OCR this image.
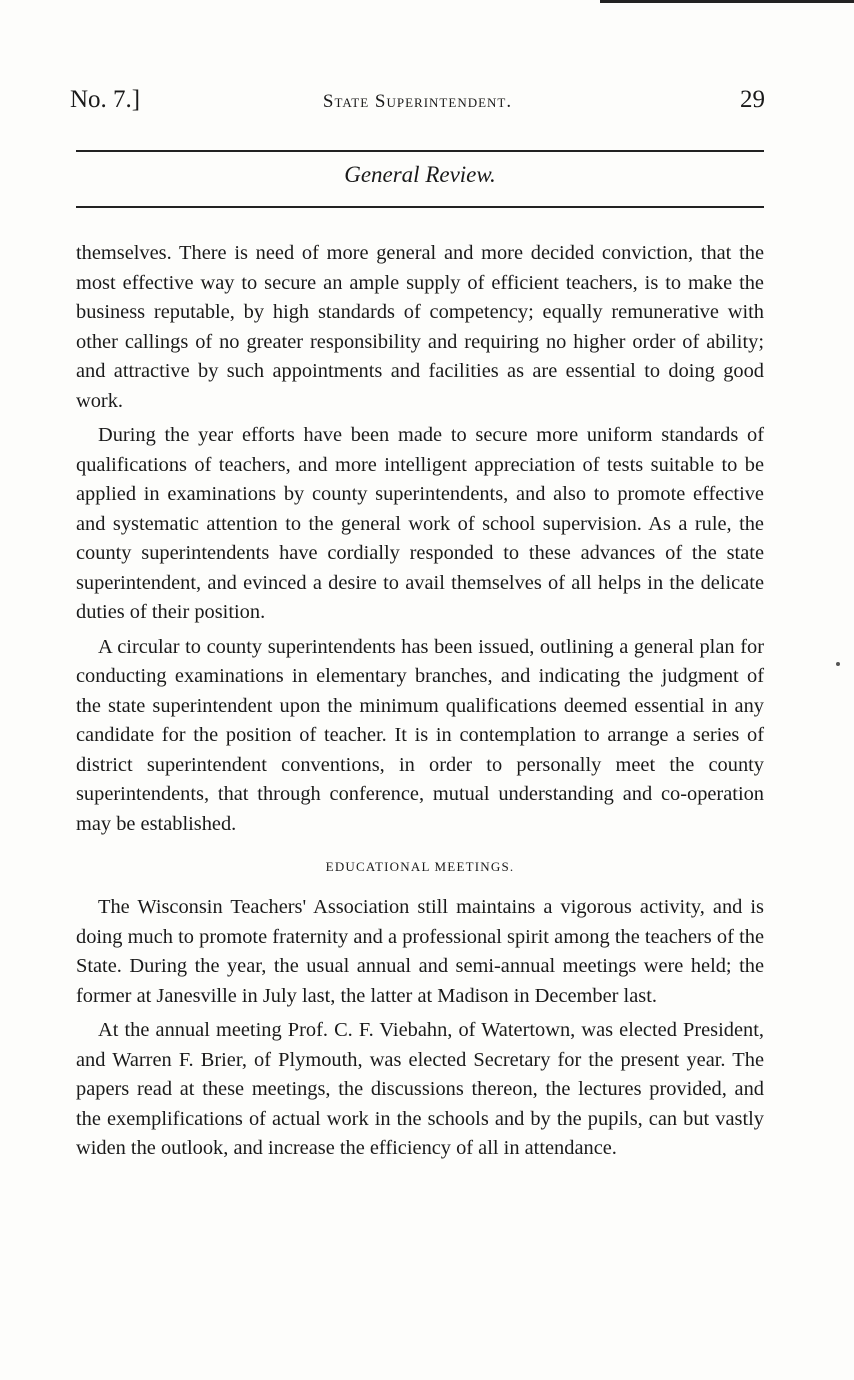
No. 7.]	State Superintendent.	29
General Review.

themselves. There is need of more general and more decided conviction, that the most effective way to secure an ample supply of efficient teachers, is to make the business reputable, by high standards of competency; equally remunerative with other callings of no greater responsibility and requiring no higher order of ability; and attractive by such appointments and facilities as are essential to doing good work.

During the year efforts have been made to secure more uniform standards of qualifications of teachers, and more intelligent appreciation of tests suitable to be applied in examinations by county superintendents, and also to promote effective and systematic attention to the general work of school supervision. As a rule, the county superintendents have cordially responded to these advances of the state superintendent, and evinced a desire to avail themselves of all helps in the delicate duties of their position.

A circular to county superintendents has been issued, outlining a general plan for conducting examinations in elementary branches, and indicating the judgment of the state superintendent upon the minimum qualifications deemed essential in any candidate for the position of teacher. It is in contemplation to arrange a series of district superintendent conventions, in order to personally meet the county superintendents, that through conference, mutual understanding and co-operation may be established.

EDUCATIONAL MEETINGS.

The Wisconsin Teachers' Association still maintains a vigorous activity, and is doing much to promote fraternity and a professional spirit among the teachers of the State. During the year, the usual annual and semi-annual meetings were held; the former at Janesville in July last, the latter at Madison in December last.

At the annual meeting Prof. C. F. Viebahn, of Watertown, was elected President, and Warren F. Brier, of Plymouth, was elected Secretary for the present year. The papers read at these meetings, the discussions thereon, the lectures provided, and the exemplifications of actual work in the schools and by the pupils, can but vastly widen the outlook, and increase the efficiency of all in attendance.
